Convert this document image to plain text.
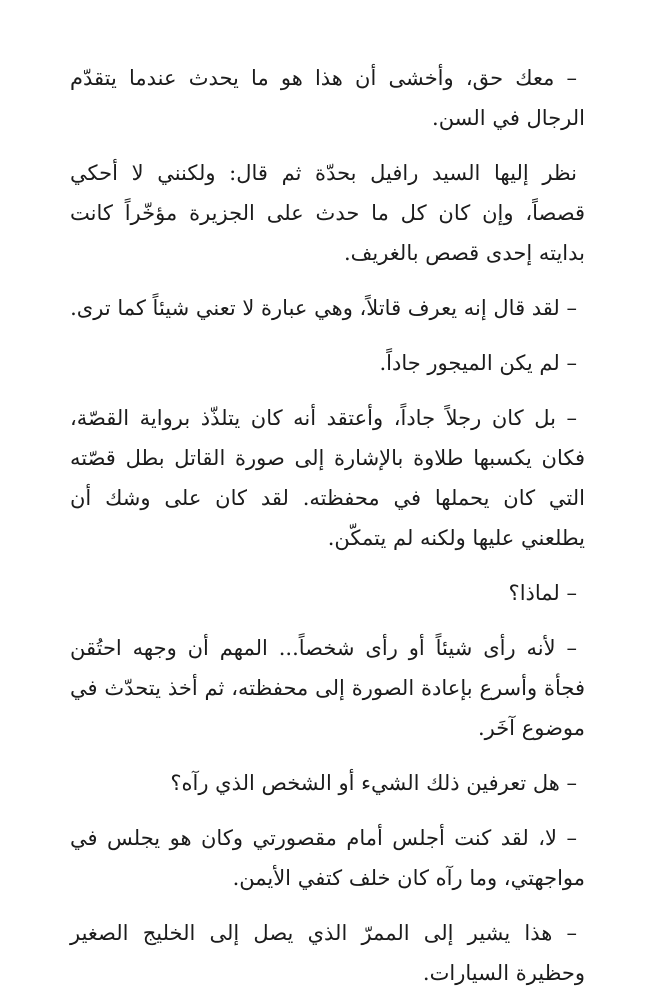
– معك حق، وأخشى أن هذا هو ما يحدث عندما يتقدّم الرجال في السن.

نظر إليها السيد رافيل بحدّة ثم قال: ولكنني لا أحكي قصصاً، وإن كان كل ما حدث على الجزيرة مؤخّراً كانت بدايته إحدى قصص بالغريف.

– لقد قال إنه يعرف قاتلاً، وهي عبارة لا تعني شيئاً كما ترى.

– لم يكن الميجور جاداً.

– بل كان رجلاً جاداً، وأعتقد أنه كان يتلذّذ برواية القصّة، فكان يكسبها طلاوة بالإشارة إلى صورة القاتل بطل قصّته التي كان يحملها في محفظته. لقد كان على وشك أن يطلعني عليها ولكنه لم يتمكّن.

– لماذا؟

– لأنه رأى شيئاً أو رأى شخصاً... المهم أن وجهه احتُقن فجأة وأسرع بإعادة الصورة إلى محفظته، ثم أخذ يتحدّث في موضوع آخَر.

– هل تعرفين ذلك الشيء أو الشخص الذي رآه؟

– لا، لقد كنت أجلس أمام مقصورتي وكان هو يجلس في مواجهتي، وما رآه كان خلف كتفي الأيمن.

– هذا يشير إلى الممرّ الذي يصل إلى الخليج الصغير وحظيرة السيارات.
